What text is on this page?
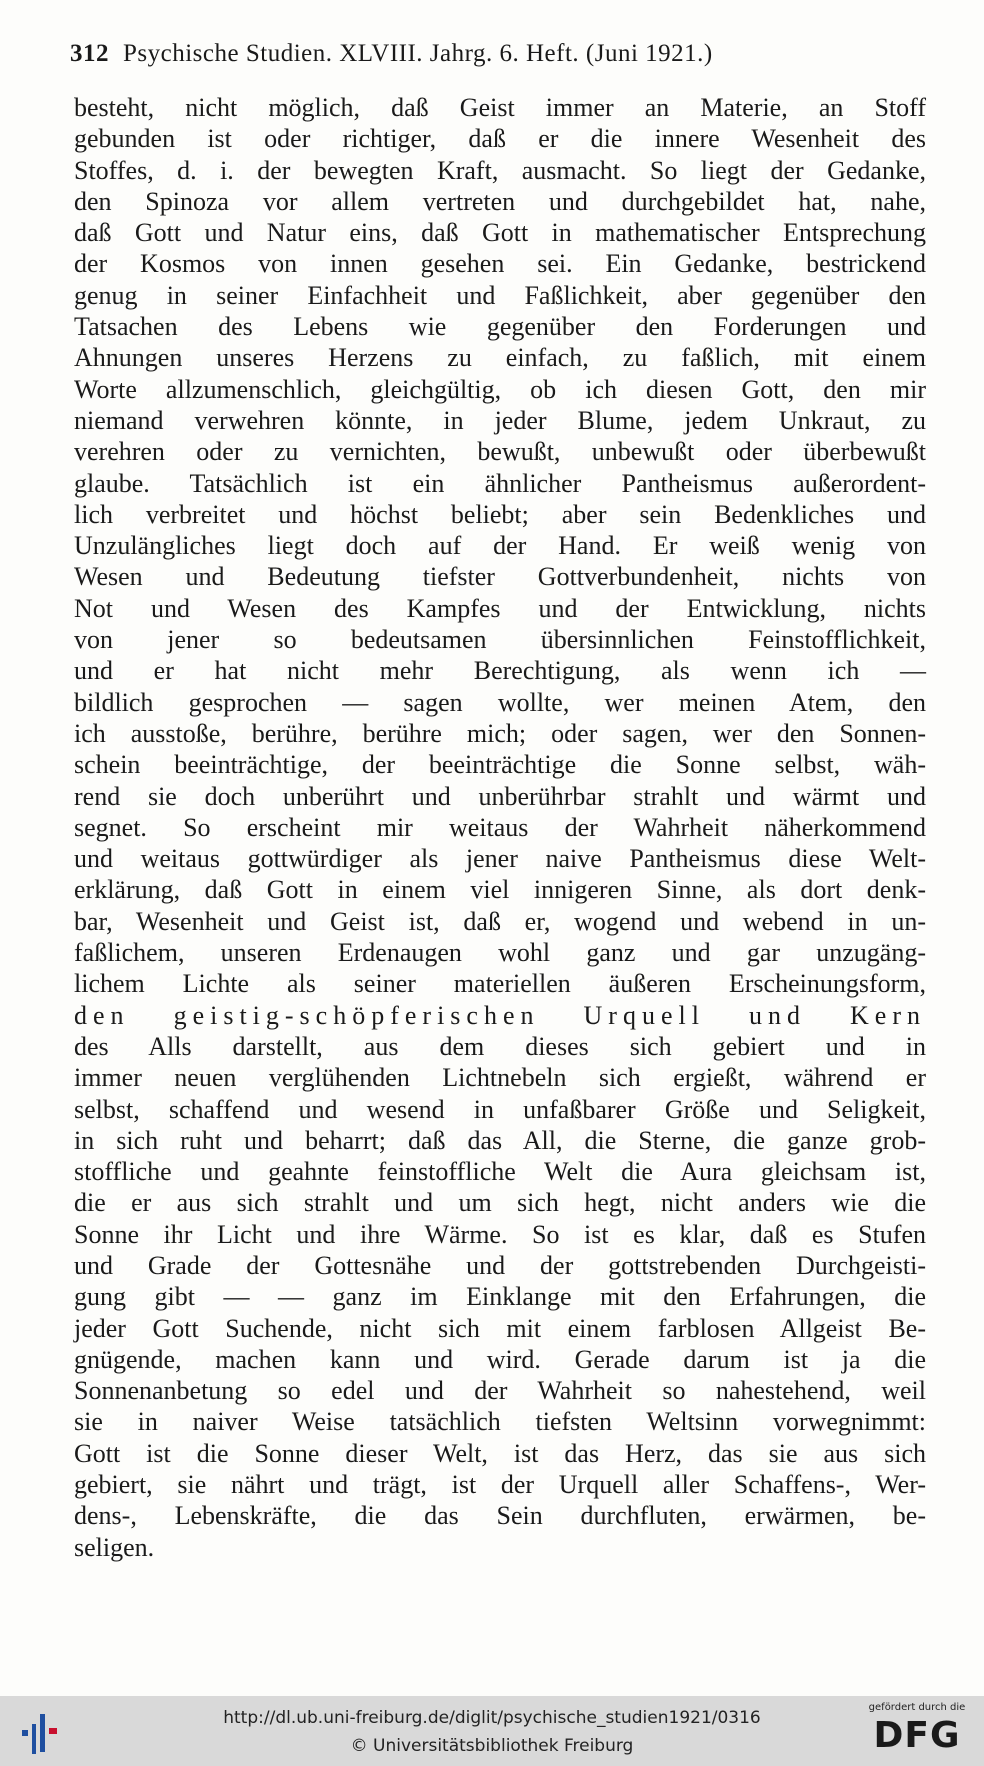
312 Psychische Studien. XLVIII. Jahrg. 6. Heft. (Juni 1921.)
besteht, nicht möglich, daß Geist immer an Materie, an Stoff
gebunden ist oder richtiger, daß er die innere Wesenheit des
Stoffes, d. i. der bewegten Kraft, ausmacht. So liegt der Gedanke,
den Spinoza vor allem vertreten und durchgebildet hat, nahe,
daß Gott und Natur eins, daß Gott in mathematischer Entsprechung
der Kosmos von innen gesehen sei. Ein Gedanke, bestrickend
genug in seiner Einfachheit und Faßlichkeit, aber gegenüber den
Tatsachen des Lebens wie gegenüber den Forderungen und
Ahnungen unseres Herzens zu einfach, zu faßlich, mit einem
Worte allzumenschlich, gleichgültig, ob ich diesen Gott, den mir
niemand verwehren könnte, in jeder Blume, jedem Unkraut, zu
verehren oder zu vernichten, bewußt, unbewußt oder überbewußt
glaube. Tatsächlich ist ein ähnlicher Pantheismus außerordent-
lich verbreitet und höchst beliebt; aber sein Bedenkliches und
Unzulängliches liegt doch auf der Hand. Er weiß wenig von
Wesen und Bedeutung tiefster Gottverbundenheit, nichts von
Not und Wesen des Kampfes und der Entwicklung, nichts
von jener so bedeutsamen übersinnlichen Feinstofflichkeit,
und er hat nicht mehr Berechtigung, als wenn ich —
bildlich gesprochen — sagen wollte, wer meinen Atem, den
ich ausstoße, berühre, berühre mich; oder sagen, wer den Sonnen-
schein beeinträchtige, der beeinträchtige die Sonne selbst, wäh-
rend sie doch unberührt und unberührbar strahlt und wärmt und
segnet. So erscheint mir weitaus der Wahrheit näherkommend
und weitaus gottwürdiger als jener naive Pantheismus diese Welt-
erklärung, daß Gott in einem viel innigeren Sinne, als dort denk-
bar, Wesenheit und Geist ist, daß er, wogend und webend in un-
faßlichem, unseren Erdenaugen wohl ganz und gar unzugäng-
lichem Lichte als seiner materiellen äußeren Erscheinungsform,
den geistig-schöpferischen Urquell und Kern
des Alls darstellt, aus dem dieses sich gebiert und in
immer neuen verglühenden Lichtnebeln sich ergießt, während er
selbst, schaffend und wesend in unfaßbarer Größe und Seligkeit,
in sich ruht und beharrt; daß das All, die Sterne, die ganze grob-
stoffliche und geahnte feinstoffliche Welt die Aura gleichsam ist,
die er aus sich strahlt und um sich hegt, nicht anders wie die
Sonne ihr Licht und ihre Wärme. So ist es klar, daß es Stufen
und Grade der Gottesnähe und der gottstrebenden Durchgeisti-
gung gibt — — ganz im Einklange mit den Erfahrungen, die
jeder Gott Suchende, nicht sich mit einem farblosen Allgeist Be-
gnügende, machen kann und wird. Gerade darum ist ja die
Sonnenanbetung so edel und der Wahrheit so nahestehend, weil
sie in naiver Weise tatsächlich tiefsten Weltsinn vorwegnimmt:
Gott ist die Sonne dieser Welt, ist das Herz, das sie aus sich
gebiert, sie nährt und trägt, ist der Urquell aller Schaffens-, Wer-
dens-, Lebenskräfte, die das Sein durchfluten, erwärmen, be-
seligen.
http://dl.ub.uni-freiburg.de/diglit/psychische_studien1921/0316
© Universitätsbibliothek Freiburg
gefördert durch die
DFG
